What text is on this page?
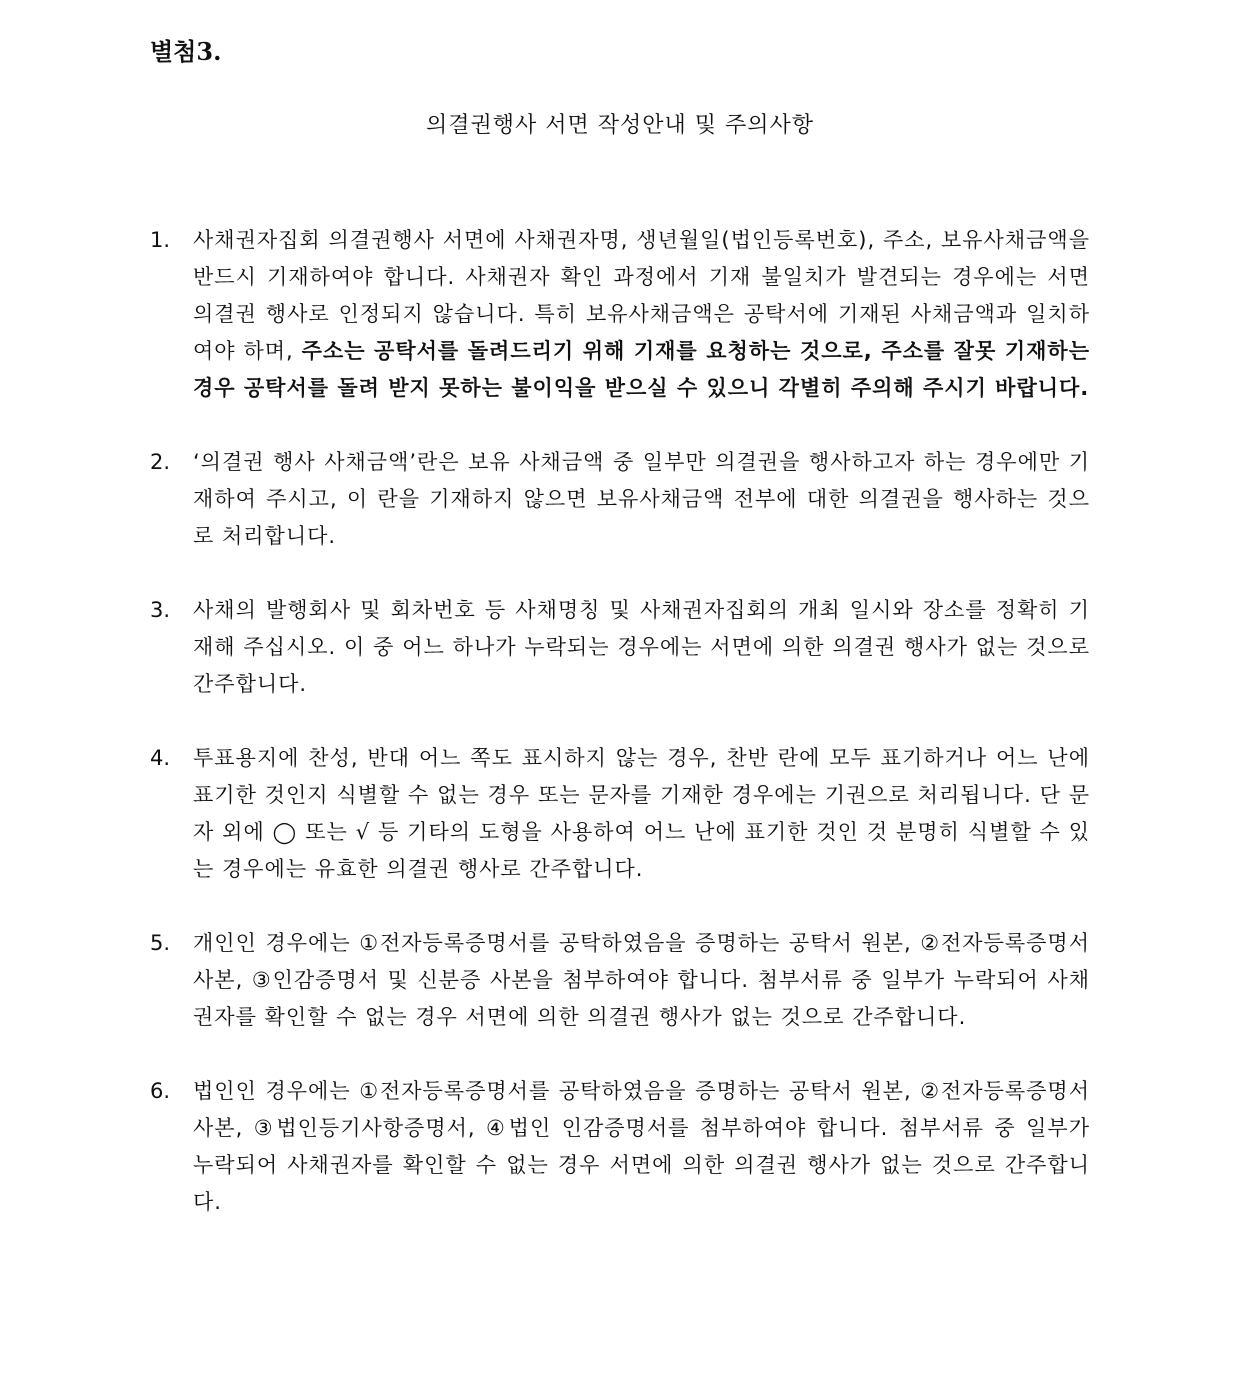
별첨3.
의결권행사 서면 작성안내 및 주의사항
1.	사채권자집회 의결권행사 서면에 사채권자명, 생년월일(법인등록번호), 주소, 보유사채금액을 반드시 기재하여야 합니다. 사채권자 확인 과정에서 기재 불일치가 발견되는 경우에는 서면 의결권 행사로 인정되지 않습니다. 특히 보유사채금액은 공탁서에 기재된 사채금액과 일치하여야 하며, 주소는 공탁서를 돌려드리기 위해 기재를 요청하는 것으로, 주소를 잘못 기재하는 경우 공탁서를 돌려 받지 못하는 불이익을 받으실 수 있으니 각별히 주의해 주시기 바랍니다.
2.	‘의결권 행사 사채금액’란은 보유 사채금액 중 일부만 의결권을 행사하고자 하는 경우에만 기재하여 주시고, 이 란을 기재하지 않으면 보유사채금액 전부에 대한 의결권을 행사하는 것으로 처리합니다.
3.	사채의 발행회사 및 회차번호 등 사채명칭 및 사채권자집회의 개최 일시와 장소를 정확히 기재해 주십시오. 이 중 어느 하나가 누락되는 경우에는 서면에 의한 의결권 행사가 없는 것으로 간주합니다.
4.	투표용지에 찬성, 반대 어느 쪽도 표시하지 않는 경우, 찬반 란에 모두 표기하거나 어느 난에 표기한 것인지 식별할 수 없는 경우 또는 문자를 기재한 경우에는 기권으로 처리됩니다. 단 문자 외에 ◯ 또는 √ 등 기타의 도형을 사용하여 어느 난에 표기한 것인 것 분명히 식별할 수 있는 경우에는 유효한 의결권 행사로 간주합니다.
5.	개인인 경우에는 ①전자등록증명서를 공탁하였음을 증명하는 공탁서 원본, ②전자등록증명서 사본, ③인감증명서 및 신분증 사본을 첨부하여야 합니다. 첨부서류 중 일부가 누락되어 사채권자를 확인할 수 없는 경우 서면에 의한 의결권 행사가 없는 것으로 간주합니다.
6.	법인인 경우에는 ①전자등록증명서를 공탁하였음을 증명하는 공탁서 원본, ②전자등록증명서 사본, ③법인등기사항증명서, ④법인 인감증명서를 첨부하여야 합니다. 첨부서류 중 일부가 누락되어 사채권자를 확인할 수 없는 경우 서면에 의한 의결권 행사가 없는 것으로 간주합니다.
